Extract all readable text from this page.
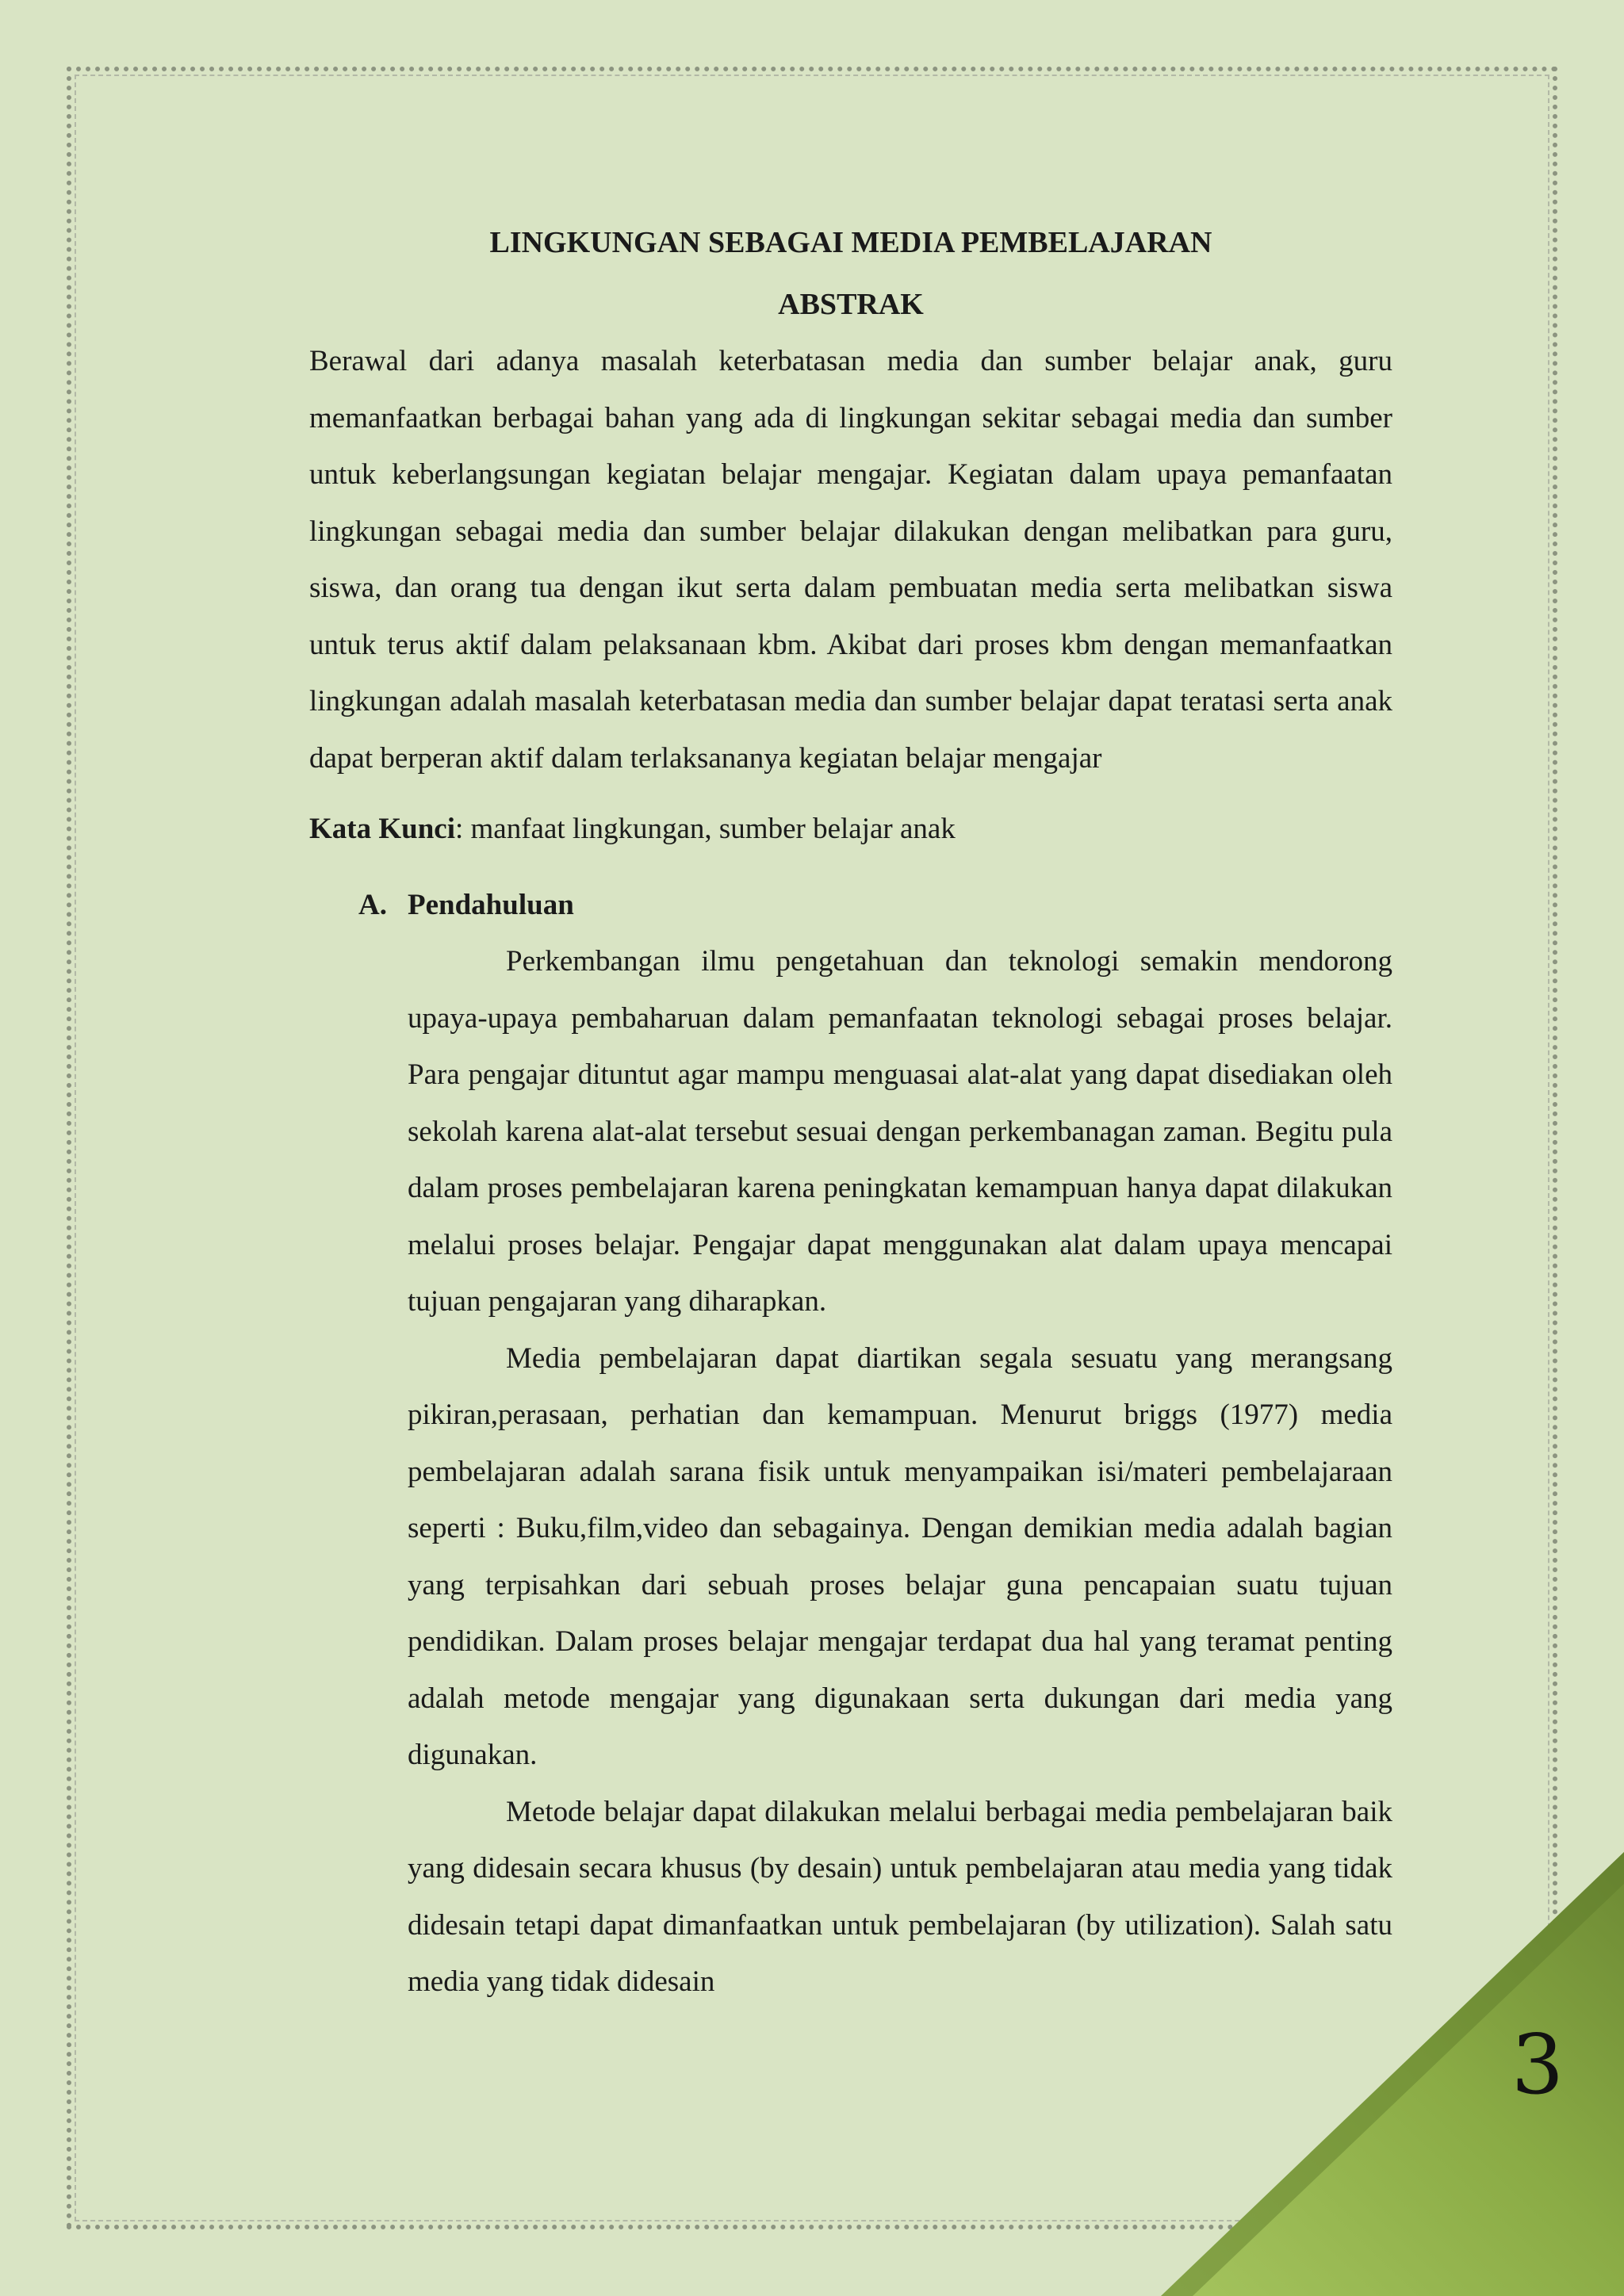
LINGKUNGAN SEBAGAI MEDIA PEMBELAJARAN

ABSTRAK

Berawal dari adanya masalah keterbatasan media dan sumber belajar anak, guru memanfaatkan berbagai bahan yang ada di lingkungan sekitar sebagai media dan sumber untuk keberlangsungan kegiatan belajar mengajar. Kegiatan dalam upaya pemanfaatan lingkungan sebagai media dan sumber belajar dilakukan dengan melibatkan para guru, siswa, dan orang tua dengan ikut serta dalam pembuatan media serta melibatkan siswa untuk terus aktif dalam pelaksanaan kbm. Akibat dari proses kbm dengan memanfaatkan lingkungan adalah masalah keterbatasan media dan sumber belajar dapat teratasi serta anak dapat berperan aktif dalam terlaksananya kegiatan belajar mengajar

Kata Kunci: manfaat lingkungan, sumber belajar anak

A. Pendahuluan

Perkembangan ilmu pengetahuan dan teknologi semakin mendorong upaya-upaya pembaharuan dalam pemanfaatan teknologi sebagai proses belajar. Para pengajar dituntut agar mampu menguasai alat-alat yang dapat disediakan oleh sekolah karena alat-alat tersebut sesuai dengan perkembanagan zaman. Begitu pula dalam proses pembelajaran karena peningkatan kemampuan hanya dapat dilakukan melalui proses belajar. Pengajar dapat menggunakan alat dalam upaya mencapai tujuan pengajaran yang diharapkan.

Media pembelajaran dapat diartikan segala sesuatu yang merangsang pikiran,perasaan, perhatian dan kemampuan. Menurut briggs (1977) media pembelajaran adalah sarana fisik untuk menyampaikan isi/materi pembelajaraan seperti : Buku,film,video dan sebagainya. Dengan demikian media adalah bagian yang terpisahkan dari sebuah proses belajar guna pencapaian suatu tujuan pendidikan. Dalam proses belajar mengajar terdapat dua hal yang teramat penting adalah metode mengajar yang digunakaan serta dukungan dari media yang digunakan.

Metode belajar dapat dilakukan melalui berbagai media pembelajaran baik yang didesain secara khusus (by desain) untuk pembelajaran atau media yang tidak didesain tetapi dapat dimanfaatkan untuk pembelajaran (by utilization). Salah satu media yang tidak didesain

3
